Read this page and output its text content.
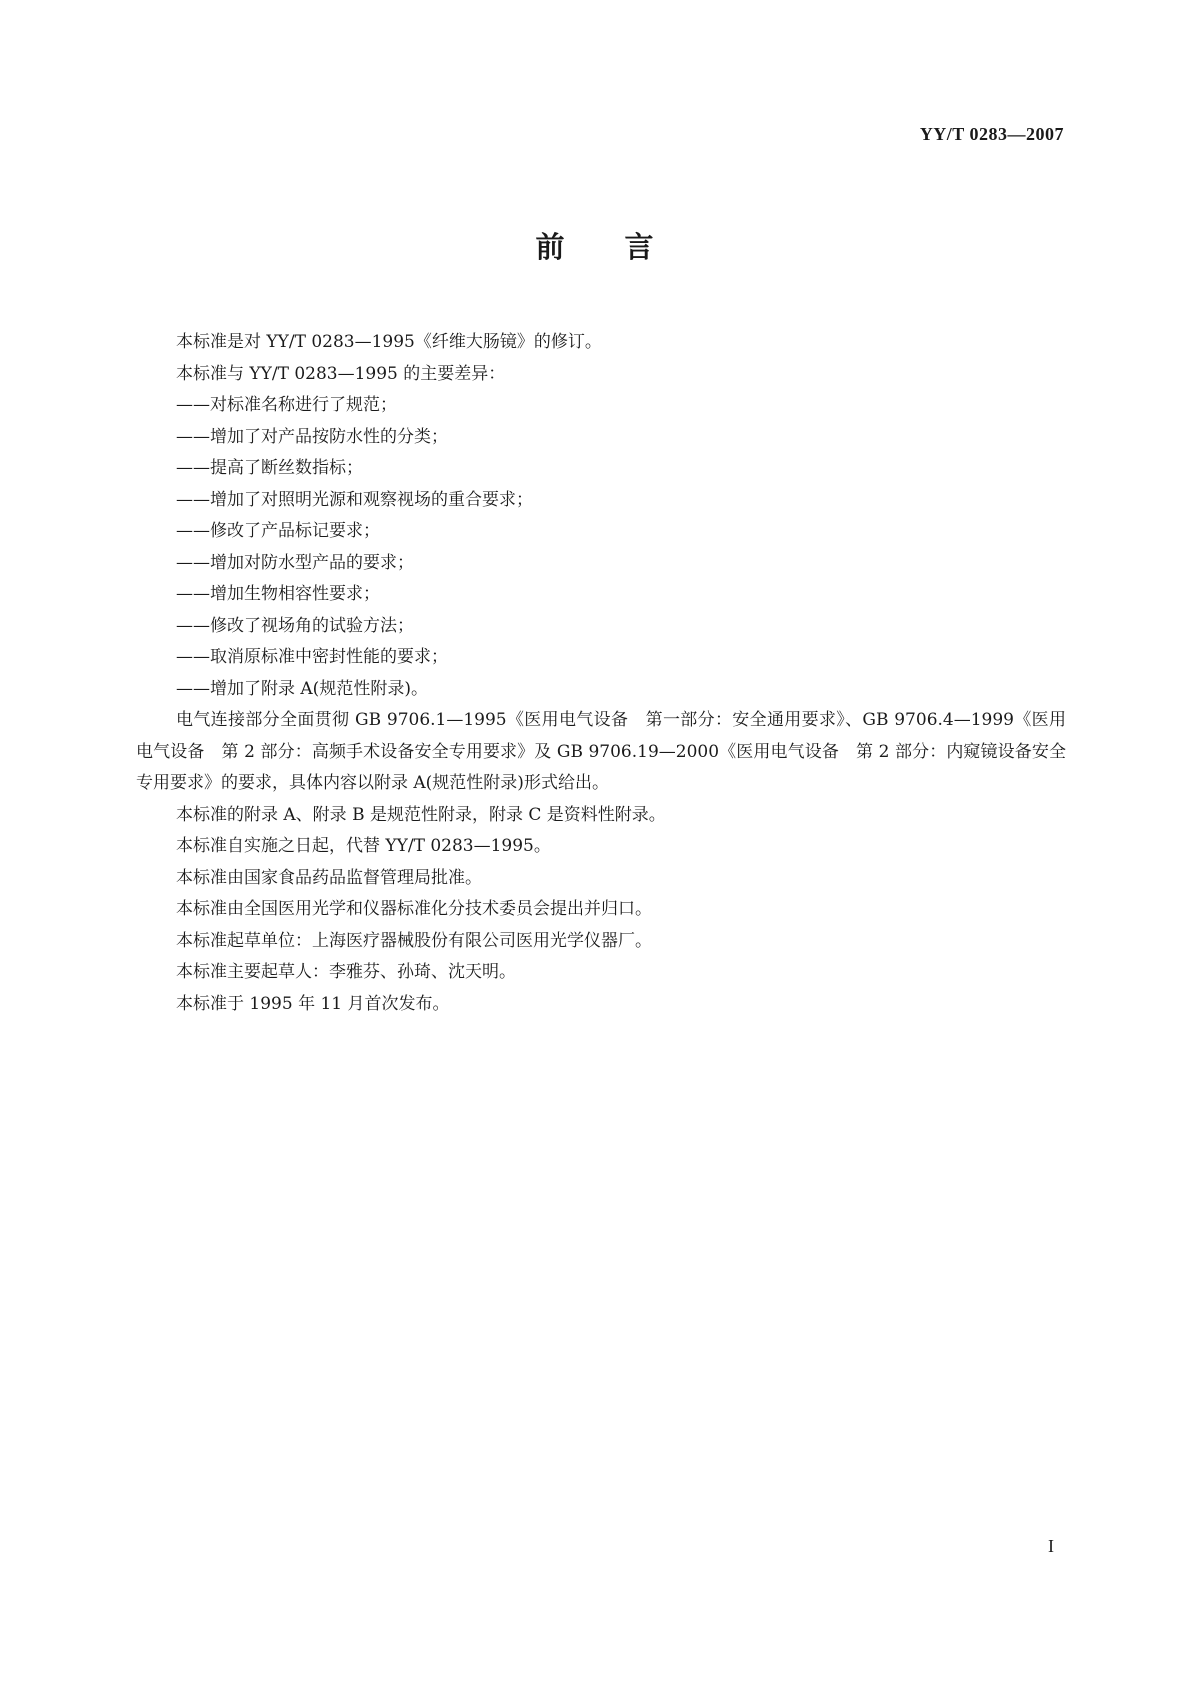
YY/T 0283—2007
前 言

本标准是对 YY/T 0283—1995《纤维大肠镜》的修订。

本标准与 YY/T 0283—1995 的主要差异：

——对标准名称进行了规范；

——增加了对产品按防水性的分类；

——提高了断丝数指标；

——增加了对照明光源和观察视场的重合要求；

——修改了产品标记要求；

——增加对防水型产品的要求；

——增加生物相容性要求；

——修改了视场角的试验方法；

——取消原标准中密封性能的要求；

——增加了附录 A(规范性附录)。

电气连接部分全面贯彻 GB 9706.1—1995《医用电气设备　第一部分：安全通用要求》、GB 9706.4—1999《医用电气设备　第 2 部分：高频手术设备安全专用要求》及 GB 9706.19—2000《医用电气设备　第 2 部分：内窥镜设备安全专用要求》的要求，具体内容以附录 A(规范性附录)形式给出。

本标准的附录 A、附录 B 是规范性附录，附录 C 是资料性附录。

本标准自实施之日起，代替 YY/T 0283—1995。

本标准由国家食品药品监督管理局批准。

本标准由全国医用光学和仪器标准化分技术委员会提出并归口。

本标准起草单位：上海医疗器械股份有限公司医用光学仪器厂。

本标准主要起草人：李雅芬、孙琦、沈天明。

本标准于 1995 年 11 月首次发布。

I
